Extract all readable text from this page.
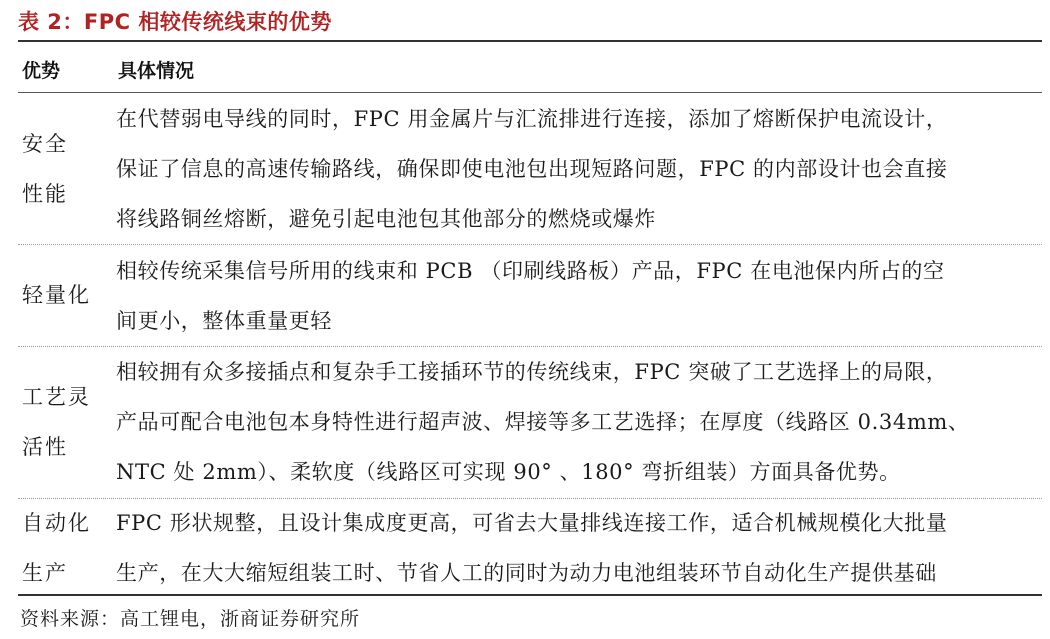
表 2：FPC 相较传统线束的优势
优势	具体情况
安全
性能
在代替弱电导线的同时，FPC 用金属片与汇流排进行连接，添加了熔断保护电流设计，
保证了信息的高速传输路线，确保即使电池包出现短路问题，FPC 的内部设计也会直接
将线路铜丝熔断，避免引起电池包其他部分的燃烧或爆炸
轻量化
相较传统采集信号所用的线束和 PCB （印刷线路板）产品，FPC 在电池保内所占的空
间更小，整体重量更轻
工艺灵
活性
相较拥有众多接插点和复杂手工接插环节的传统线束，FPC 突破了工艺选择上的局限，
产品可配合电池包本身特性进行超声波、焊接等多工艺选择；在厚度（线路区 0.34mm、
NTC 处 2mm）、柔软度（线路区可实现 90° 、180° 弯折组装）方面具备优势。
自动化
生产
FPC 形状规整，且设计集成度更高，可省去大量排线连接工作，适合机械规模化大批量
生产，在大大缩短组装工时、节省人工的同时为动力电池组装环节自动化生产提供基础
资料来源：高工锂电，浙商证券研究所
